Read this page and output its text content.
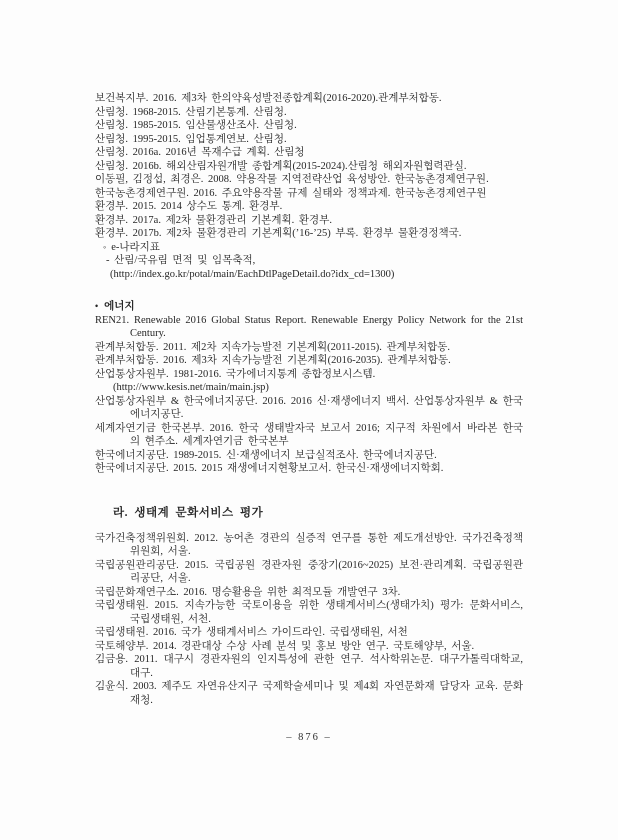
보건복지부. 2016. 제3차 한의약육성발전종합계획(2016-2020).관계부처합동.

산림청. 1968-2015. 산림기본통계. 산림청.

산림청. 1985-2015. 임산물생산조사. 산림청.

산림청. 1995-2015. 임업통계연보. 산림청.

산림청. 2016a. 2016년 목재수급 계획. 산림청

산림청. 2016b. 해외산림자원개발 종합계획(2015-2024).산림청 해외자원협력관실.

이동필, 김정섭, 최경은. 2008. 약용작물 지역전략산업 육성방안. 한국농촌경제연구원.

한국농촌경제연구원. 2016. 주요약용작물 규제 실태와 정책과제. 한국농촌경제연구원

환경부. 2015. 2014 상수도 통계. 환경부.

환경부. 2017a. 제2차 물환경관리 기본계획. 환경부.

환경부. 2017b. 제2차 물환경관리 기본계획(’16-’25) 부록. 환경부 물환경정책국.

◦ e-나라지표

- 산림/국유림 면적 및 임목축적,

(http://index.go.kr/potal/main/EachDtlPageDetail.do?idx_cd=1300)

• 에너지

REN21. Renewable 2016 Global Status Report. Renewable Energy Policy Network for the 21st Century.

관계부처합동. 2011. 제2차 지속가능발전 기본계획(2011-2015). 관계부처합동.

관계부처합동. 2016. 제3차 지속가능발전 기본계획(2016-2035). 관계부처합동.

산업통상자원부. 1981-2016. 국가에너지통계 종합정보시스템.

(http://www.kesis.net/main/main.jsp)

산업통상자원부 & 한국에너지공단. 2016. 2016 신·재생에너지 백서. 산업통상자원부 & 한국에너지공단.

세계자연기금 한국본부. 2016. 한국 생태발자국 보고서 2016; 지구적 차원에서 바라본 한국의 현주소. 세계자연기금 한국본부

한국에너지공단. 1989-2015. 신·재생에너지 보급실적조사. 한국에너지공단.

한국에너지공단. 2015. 2015 재생에너지현황보고서. 한국신·재생에너지학회.

라. 생태계 문화서비스 평가

국가건축정책위원회. 2012. 농어촌 경관의 실증적 연구를 통한 제도개선방안. 국가건축정책위원회, 서울.

국립공원관리공단. 2015. 국립공원 경관자원 중장기(2016~2025) 보전·관리계획. 국립공원관리공단, 서울.

국립문화재연구소. 2016. 명승활용을 위한 최적모듈 개발연구 3차.

국립생태원. 2015. 지속가능한 국토이용을 위한 생태계서비스(생태가치) 평가: 문화서비스, 국립생태원, 서천.

국립생태원. 2016. 국가 생태계서비스 가이드라인. 국립생태원, 서천

국토해양부. 2014. 경관대상 수상 사례 분석 및 홍보 방안 연구. 국토해양부, 서울.

김금용. 2011. 대구시 경관자원의 인지특성에 관한 연구. 석사학위논문. 대구가톨릭대학교, 대구.

김윤식. 2003. 제주도 자연유산지구 국제학술세미나 및 제4회 자연문화재 담당자 교육. 문화재청.

– 876 –
